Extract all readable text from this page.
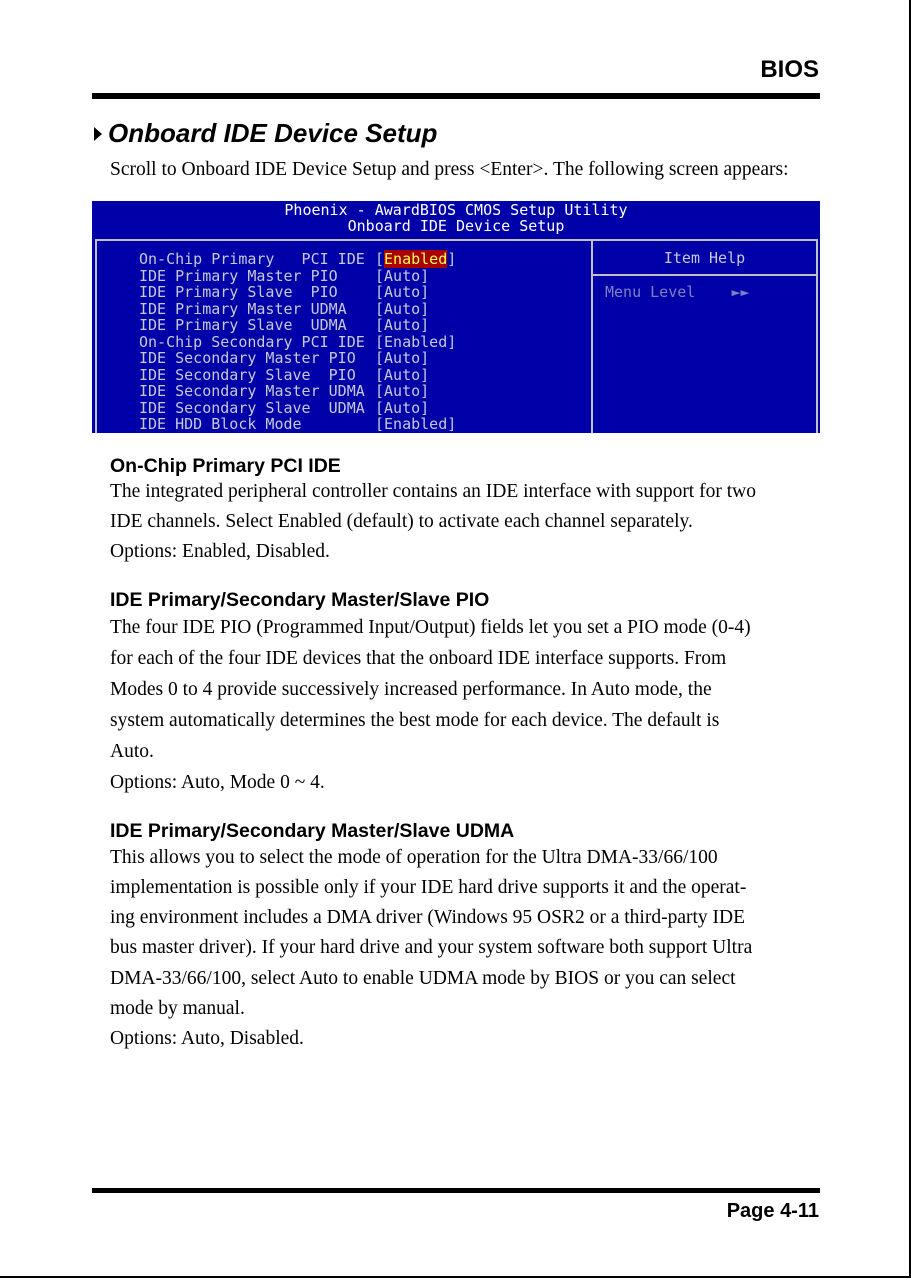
BIOS
Onboard IDE Device Setup
Scroll to Onboard IDE Device Setup and press <Enter>. The following screen appears:
Phoenix - AwardBIOS CMOS Setup Utility
Onboard IDE Device Setup
On-Chip Primary   PCI IDE [Enabled]
IDE Primary Master PIO [Auto]
IDE Primary Slave  PIO [Auto]
IDE Primary Master UDMA [Auto]
IDE Primary Slave  UDMA [Auto]
On-Chip Secondary PCI IDE [Enabled]
IDE Secondary Master PIO [Auto]
IDE Secondary Slave  PIO [Auto]
IDE Secondary Master UDMA [Auto]
IDE Secondary Slave  UDMA [Auto]
IDE HDD Block Mode	[Enabled]
Item Help
Menu Level ►►
On-Chip Primary PCI IDE
The integrated peripheral controller contains an IDE interface with support for two
IDE channels. Select Enabled (default) to activate each channel separately.
Options: Enabled, Disabled.
IDE Primary/Secondary Master/Slave PIO
The four IDE PIO (Programmed Input/Output) fields let you set a PIO mode (0-4)
for each of the four IDE devices that the onboard IDE interface supports. From
Modes 0 to 4 provide successively increased performance. In Auto mode, the
system automatically determines the best mode for each device. The default is
Auto.
Options: Auto, Mode 0 ~ 4.
IDE Primary/Secondary Master/Slave UDMA
This allows you to select the mode of operation for the Ultra DMA-33/66/100
implementation is possible only if your IDE hard drive supports it and the operat-
ing environment includes a DMA driver (Windows 95 OSR2 or a third-party IDE
bus master driver). If your hard drive and your system software both support Ultra
DMA-33/66/100, select Auto to enable UDMA mode by BIOS or you can select
mode by manual.
Options: Auto, Disabled.
Page 4-11
